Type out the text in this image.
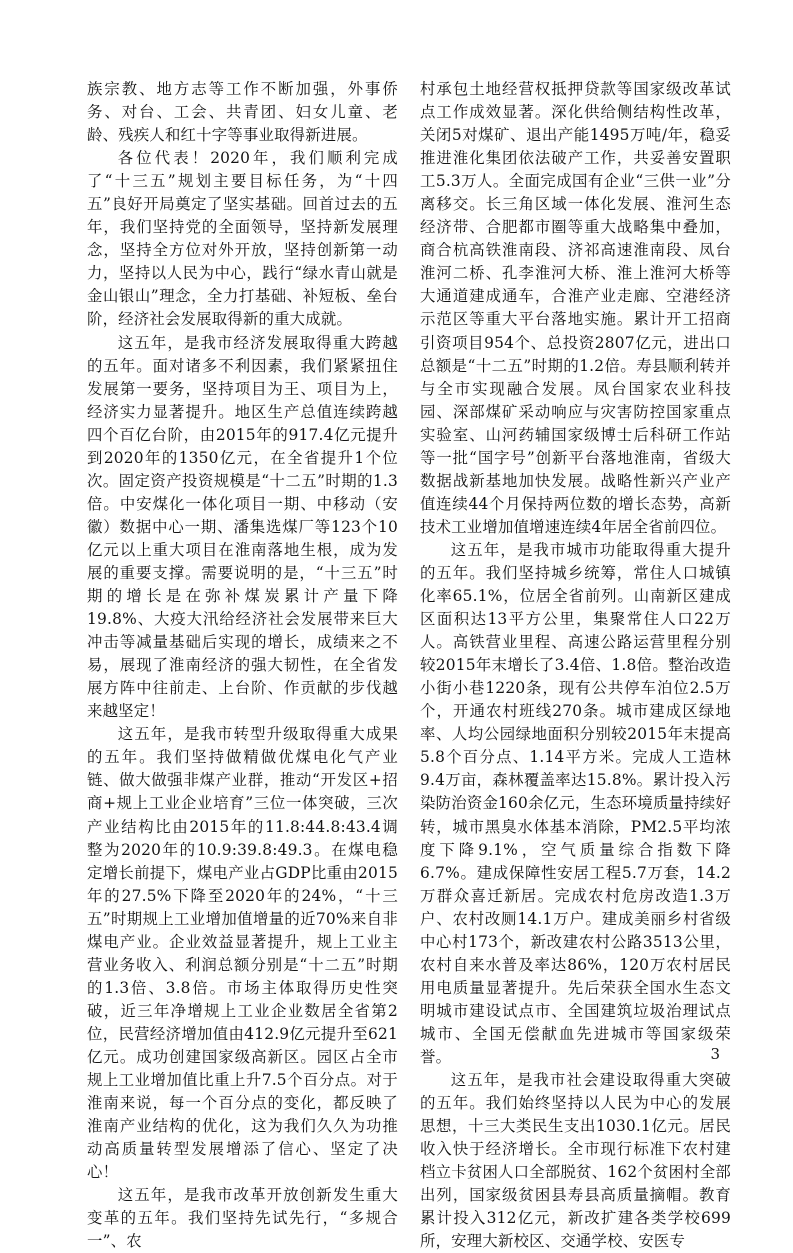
族宗教、地方志等工作不断加强，外事侨务、对台、工会、共青团、妇女儿童、老龄、残疾人和红十字等事业取得新进展。

各位代表！2020年，我们顺利完成了“十三五”规划主要目标任务，为“十四五”良好开局奠定了坚实基础。回首过去的五年，我们坚持党的全面领导，坚持新发展理念，坚持全方位对外开放，坚持创新第一动力，坚持以人民为中心，践行“绿水青山就是金山银山”理念，全力打基础、补短板、垒台阶，经济社会发展取得新的重大成就。

这五年，是我市经济发展取得重大跨越的五年。面对诸多不利因素，我们紧紧扭住发展第一要务，坚持项目为王、项目为上，经济实力显著提升。地区生产总值连续跨越四个百亿台阶，由2015年的917.4亿元提升到2020年的1350亿元，在全省提升1个位次。固定资产投资规模是“十二五”时期的1.3倍。中安煤化一体化项目一期、中移动（安徽）数据中心一期、潘集选煤厂等123个10亿元以上重大项目在淮南落地生根，成为发展的重要支撑。需要说明的是，“十三五”时期的增长是在弥补煤炭累计产量下降19.8%、大疫大汛给经济社会发展带来巨大冲击等减量基础后实现的增长，成绩来之不易，展现了淮南经济的强大韧性，在全省发展方阵中往前走、上台阶、作贡献的步伐越来越坚定！

这五年，是我市转型升级取得重大成果的五年。我们坚持做精做优煤电化气产业链、做大做强非煤产业群，推动“开发区+招商+规上工业企业培育”三位一体突破，三次产业结构比由2015年的11.8:44.8:43.4调整为2020年的10.9:39.8:49.3。在煤电稳定增长前提下，煤电产业占GDP比重由2015年的27.5%下降至2020年的24%，“十三五”时期规上工业增加值增量的近70%来自非煤电产业。企业效益显著提升，规上工业主营业务收入、利润总额分别是“十二五”时期的1.3倍、3.8倍。市场主体取得历史性突破，近三年净增规上工业企业数居全省第2位，民营经济增加值由412.9亿元提升至621亿元。成功创建国家级高新区。园区占全市规上工业增加值比重上升7.5个百分点。对于淮南来说，每一个百分点的变化，都反映了淮南产业结构的优化，这为我们久久为功推动高质量转型发展增添了信心、坚定了决心！

这五年，是我市改革开放创新发生重大变革的五年。我们坚持先试先行，“多规合一”、农

村承包土地经营权抵押贷款等国家级改革试点工作成效显著。深化供给侧结构性改革，关闭5对煤矿、退出产能1495万吨/年，稳妥推进淮化集团依法破产工作，共妥善安置职工5.3万人。全面完成国有企业“三供一业”分离移交。长三角区域一体化发展、淮河生态经济带、合肥都市圈等重大战略集中叠加，商合杭高铁淮南段、济祁高速淮南段、凤台淮河二桥、孔李淮河大桥、淮上淮河大桥等大通道建成通车，合淮产业走廊、空港经济示范区等重大平台落地实施。累计开工招商引资项目954个、总投资2807亿元，进出口总额是“十二五”时期的1.2倍。寿县顺利转并与全市实现融合发展。凤台国家农业科技园、深部煤矿采动响应与灾害防控国家重点实验室、山河药辅国家级博士后科研工作站等一批“国字号”创新平台落地淮南，省级大数据战新基地加快发展。战略性新兴产业产值连续44个月保持两位数的增长态势，高新技术工业增加值增速连续4年居全省前四位。

这五年，是我市城市功能取得重大提升的五年。我们坚持城乡统筹，常住人口城镇化率65.1%，位居全省前列。山南新区建成区面积达13平方公里，集聚常住人口22万人。高铁营业里程、高速公路运营里程分别较2015年末增长了3.4倍、1.8倍。整治改造小街小巷1220条，现有公共停车泊位2.5万个，开通农村班线270条。城市建成区绿地率、人均公园绿地面积分别较2015年末提高5.8个百分点、1.14平方米。完成人工造林9.4万亩，森林覆盖率达15.8%。累计投入污染防治资金160余亿元，生态环境质量持续好转，城市黑臭水体基本消除，PM2.5平均浓度下降9.1%，空气质量综合指数下降6.7%。建成保障性安居工程5.7万套，14.2万群众喜迁新居。完成农村危房改造1.3万户、农村改厕14.1万户。建成美丽乡村省级中心村173个，新改建农村公路3513公里，农村自来水普及率达86%，120万农村居民用电质量显著提升。先后荣获全国水生态文明城市建设试点市、全国建筑垃圾治理试点城市、全国无偿献血先进城市等国家级荣誉。

这五年，是我市社会建设取得重大突破的五年。我们始终坚持以人民为中心的发展思想，十三大类民生支出1030.1亿元。居民收入快于经济增长。全市现行标准下农村建档立卡贫困人口全部脱贫、162个贫困村全部出列，国家级贫困县寿县高质量摘帽。教育累计投入312亿元，新改扩建各类学校699所，安理大新校区、交通学校、安医专

3
